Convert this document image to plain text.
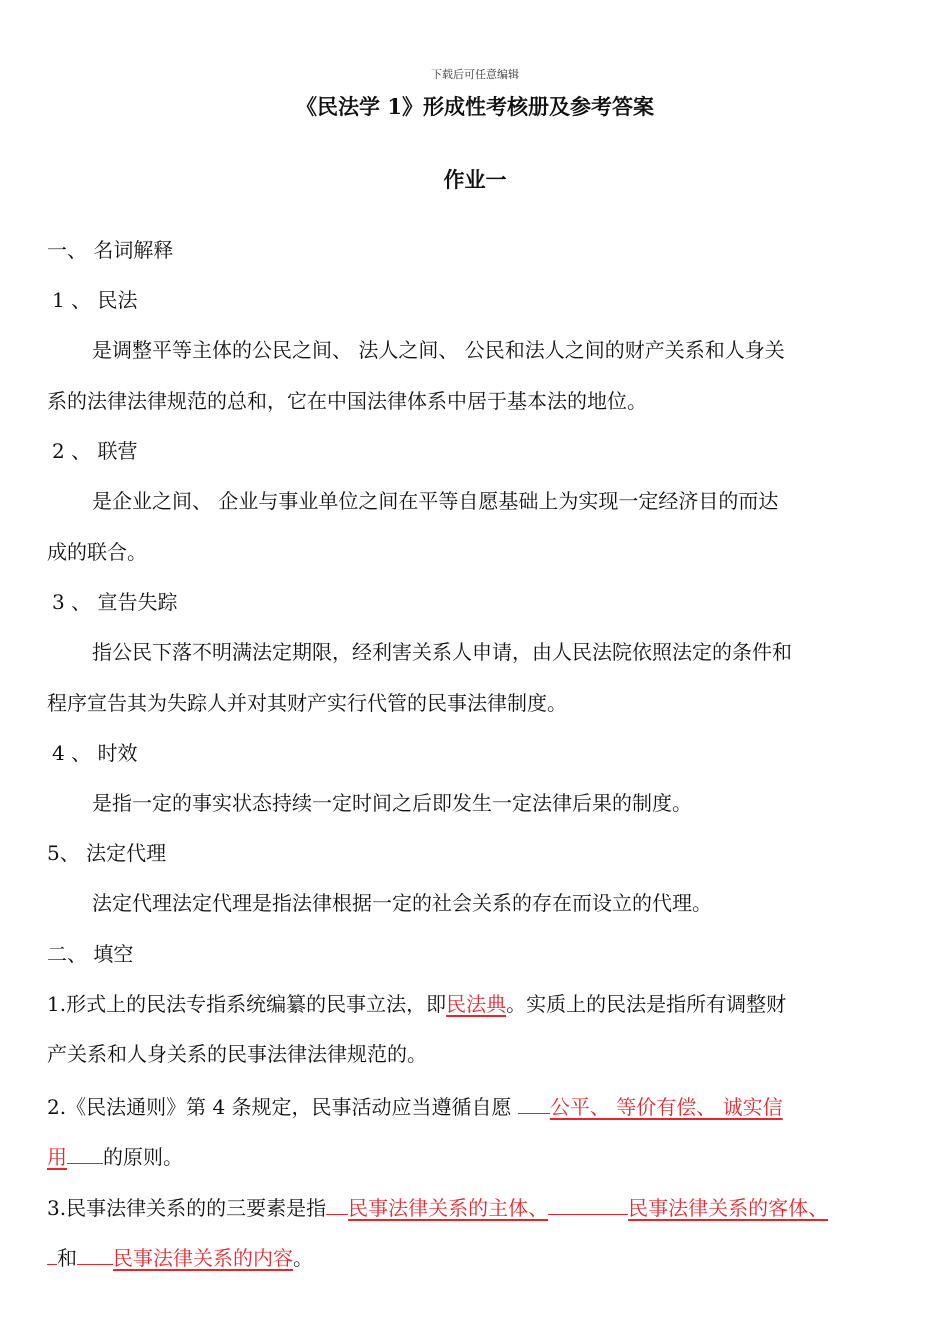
下载后可任意编辑
《民法学 1》形成性考核册及参考答案
作业一
一、 名词解释
1 、 民法
是调整平等主体的公民之间、 法人之间、 公民和法人之间的财产关系和人身关
系的法律法律规范的总和，它在中国法律体系中居于基本法的地位。
2 、 联营
是企业之间、 企业与事业单位之间在平等自愿基础上为实现一定经济目的而达
成的联合。
3 、 宣告失踪
指公民下落不明满法定期限，经利害关系人申请，由人民法院依照法定的条件和
程序宣告其为失踪人并对其财产实行代管的民事法律制度。
4 、 时效
是指一定的事实状态持续一定时间之后即发生一定法律后果的制度。
5、 法定代理
法定代理法定代理是指法律根据一定的社会关系的存在而设立的代理。
二、 填空
1.形式上的民法专指系统编纂的民事立法，即民法典。实质上的民法是指所有调整财
产关系和人身关系的民事法律法律规范的。
2.《民法通则》第 4 条规定，民事活动应当遵循自愿 公平、 等价有偿、 诚实信
用 的原则。
3.民事法律关系的的三要素是指 民事法律关系的主体、	民事法律关系的客体、
和 民事法律关系的内容。
